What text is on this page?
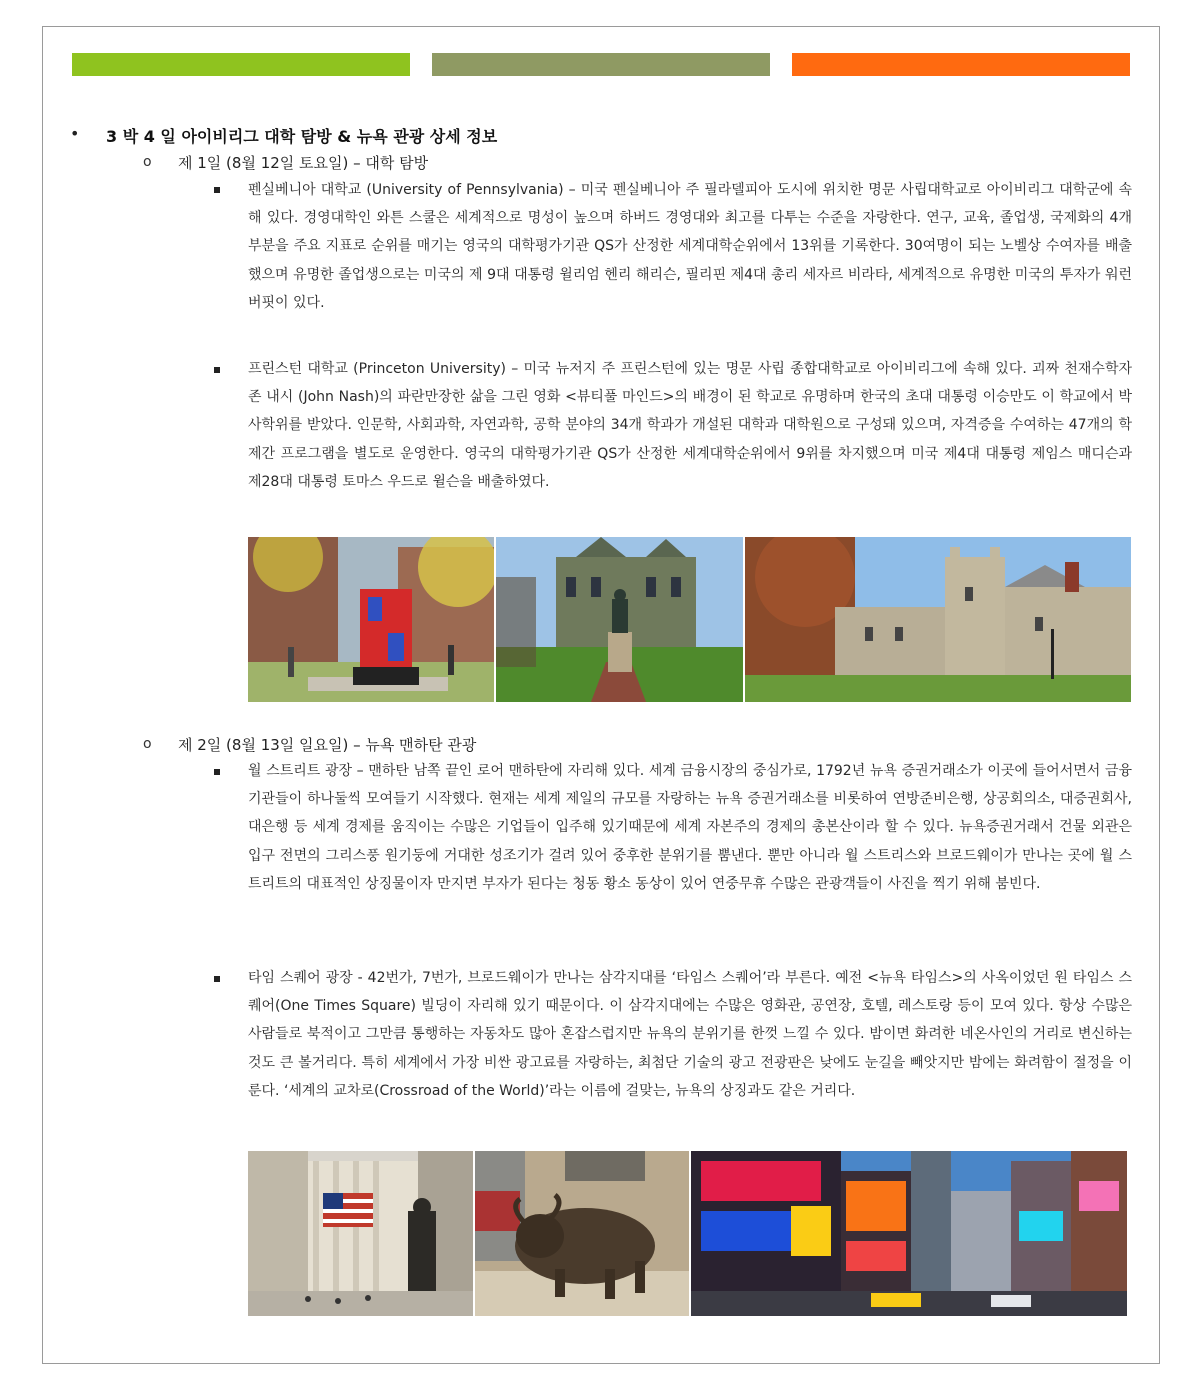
• 3 박 4 일 아이비리그 대학 탐방 & 뉴욕 관광 상세 정보
o 제 1일 (8월 12일 토요일) – 대학 탐방
펜실베니아 대학교 (University of Pennsylvania) – 미국 펜실베니아 주 필라델피아 도시에 위치한 명문 사립대학교로 아이비리그 대학군에 속해 있다. 경영대학인 와튼 스쿨은 세계적으로 명성이 높으며 하버드 경영대와 최고를 다투는 수준을 자랑한다. 연구, 교육, 졸업생, 국제화의 4개 부분을 주요 지표로 순위를 매기는 영국의 대학평가기관 QS가 산정한 세계대학순위에서 13위를 기록한다. 30여명이 되는 노벨상 수여자를 배출했으며 유명한 졸업생으로는 미국의 제 9대 대통령 윌리엄 헨리 해리슨, 필리핀 제4대 총리 세자르 비라타, 세계적으로 유명한 미국의 투자가 워런 버핏이 있다.
프린스턴 대학교 (Princeton University) – 미국 뉴저지 주 프린스턴에 있는 명문 사립 종합대학교로 아이비리그에 속해 있다. 괴짜 천재수학자 존 내시 (John Nash)의 파란만장한 삶을 그린 영화 <뷰티풀 마인드>의 배경이 된 학교로 유명하며 한국의 초대 대통령 이승만도 이 학교에서 박사학위를 받았다. 인문학, 사회과학, 자연과학, 공학 분야의 34개 학과가 개설된 대학과 대학원으로 구성돼 있으며, 자격증을 수여하는 47개의 학제간 프로그램을 별도로 운영한다. 영국의 대학평가기관 QS가 산정한 세계대학순위에서 9위를 차지했으며 미국 제4대 대통령 제임스 매디슨과 제28대 대통령 토마스 우드로 윌슨을 배출하였다.
o 제 2일 (8월 13일 일요일) – 뉴욕 맨하탄 관광
월 스트리트 광장 – 맨하탄 남쪽 끝인 로어 맨하탄에 자리해 있다. 세계 금융시장의 중심가로, 1792년 뉴욕 증권거래소가 이곳에 들어서면서 금융기관들이 하나둘씩 모여들기 시작했다. 현재는 세계 제일의 규모를 자랑하는 뉴욕 증권거래소를 비롯하여 연방준비은행, 상공회의소, 대증권회사, 대은행 등 세계 경제를 움직이는 수많은 기업들이 입주해 있기때문에 세계 자본주의 경제의 총본산이라 할 수 있다. 뉴욕증권거래서 건물 외관은 입구 전면의 그리스풍 원기둥에 거대한 성조기가 걸려 있어 중후한 분위기를 뿜낸다. 뿐만 아니라 월 스트리스와 브로드웨이가 만나는 곳에 월 스트리트의 대표적인 상징물이자 만지면 부자가 된다는 청동 황소 동상이 있어 연중무휴 수많은 관광객들이 사진을 찍기 위해 붐빈다.
타임 스퀘어 광장 - 42번가, 7번가, 브로드웨이가 만나는 삼각지대를 ‘타임스 스퀘어’라 부른다. 예전 <뉴욕 타임스>의 사옥이었던 원 타임스 스퀘어(One Times Square) 빌딩이 자리해 있기 때문이다. 이 삼각지대에는 수많은 영화관, 공연장, 호텔, 레스토랑 등이 모여 있다. 항상 수많은 사람들로 북적이고 그만큼 통행하는 자동차도 많아 혼잡스럽지만 뉴욕의 분위기를 한껏 느낄 수 있다. 밤이면 화려한 네온사인의 거리로 변신하는 것도 큰 볼거리다. 특히 세계에서 가장 비싼 광고료를 자랑하는, 최첨단 기술의 광고 전광판은 낮에도 눈길을 빼앗지만 밤에는 화려함이 절정을 이룬다. ‘세계의 교차로(Crossroad of the World)’라는 이름에 걸맞는, 뉴욕의 상징과도 같은 거리다.
